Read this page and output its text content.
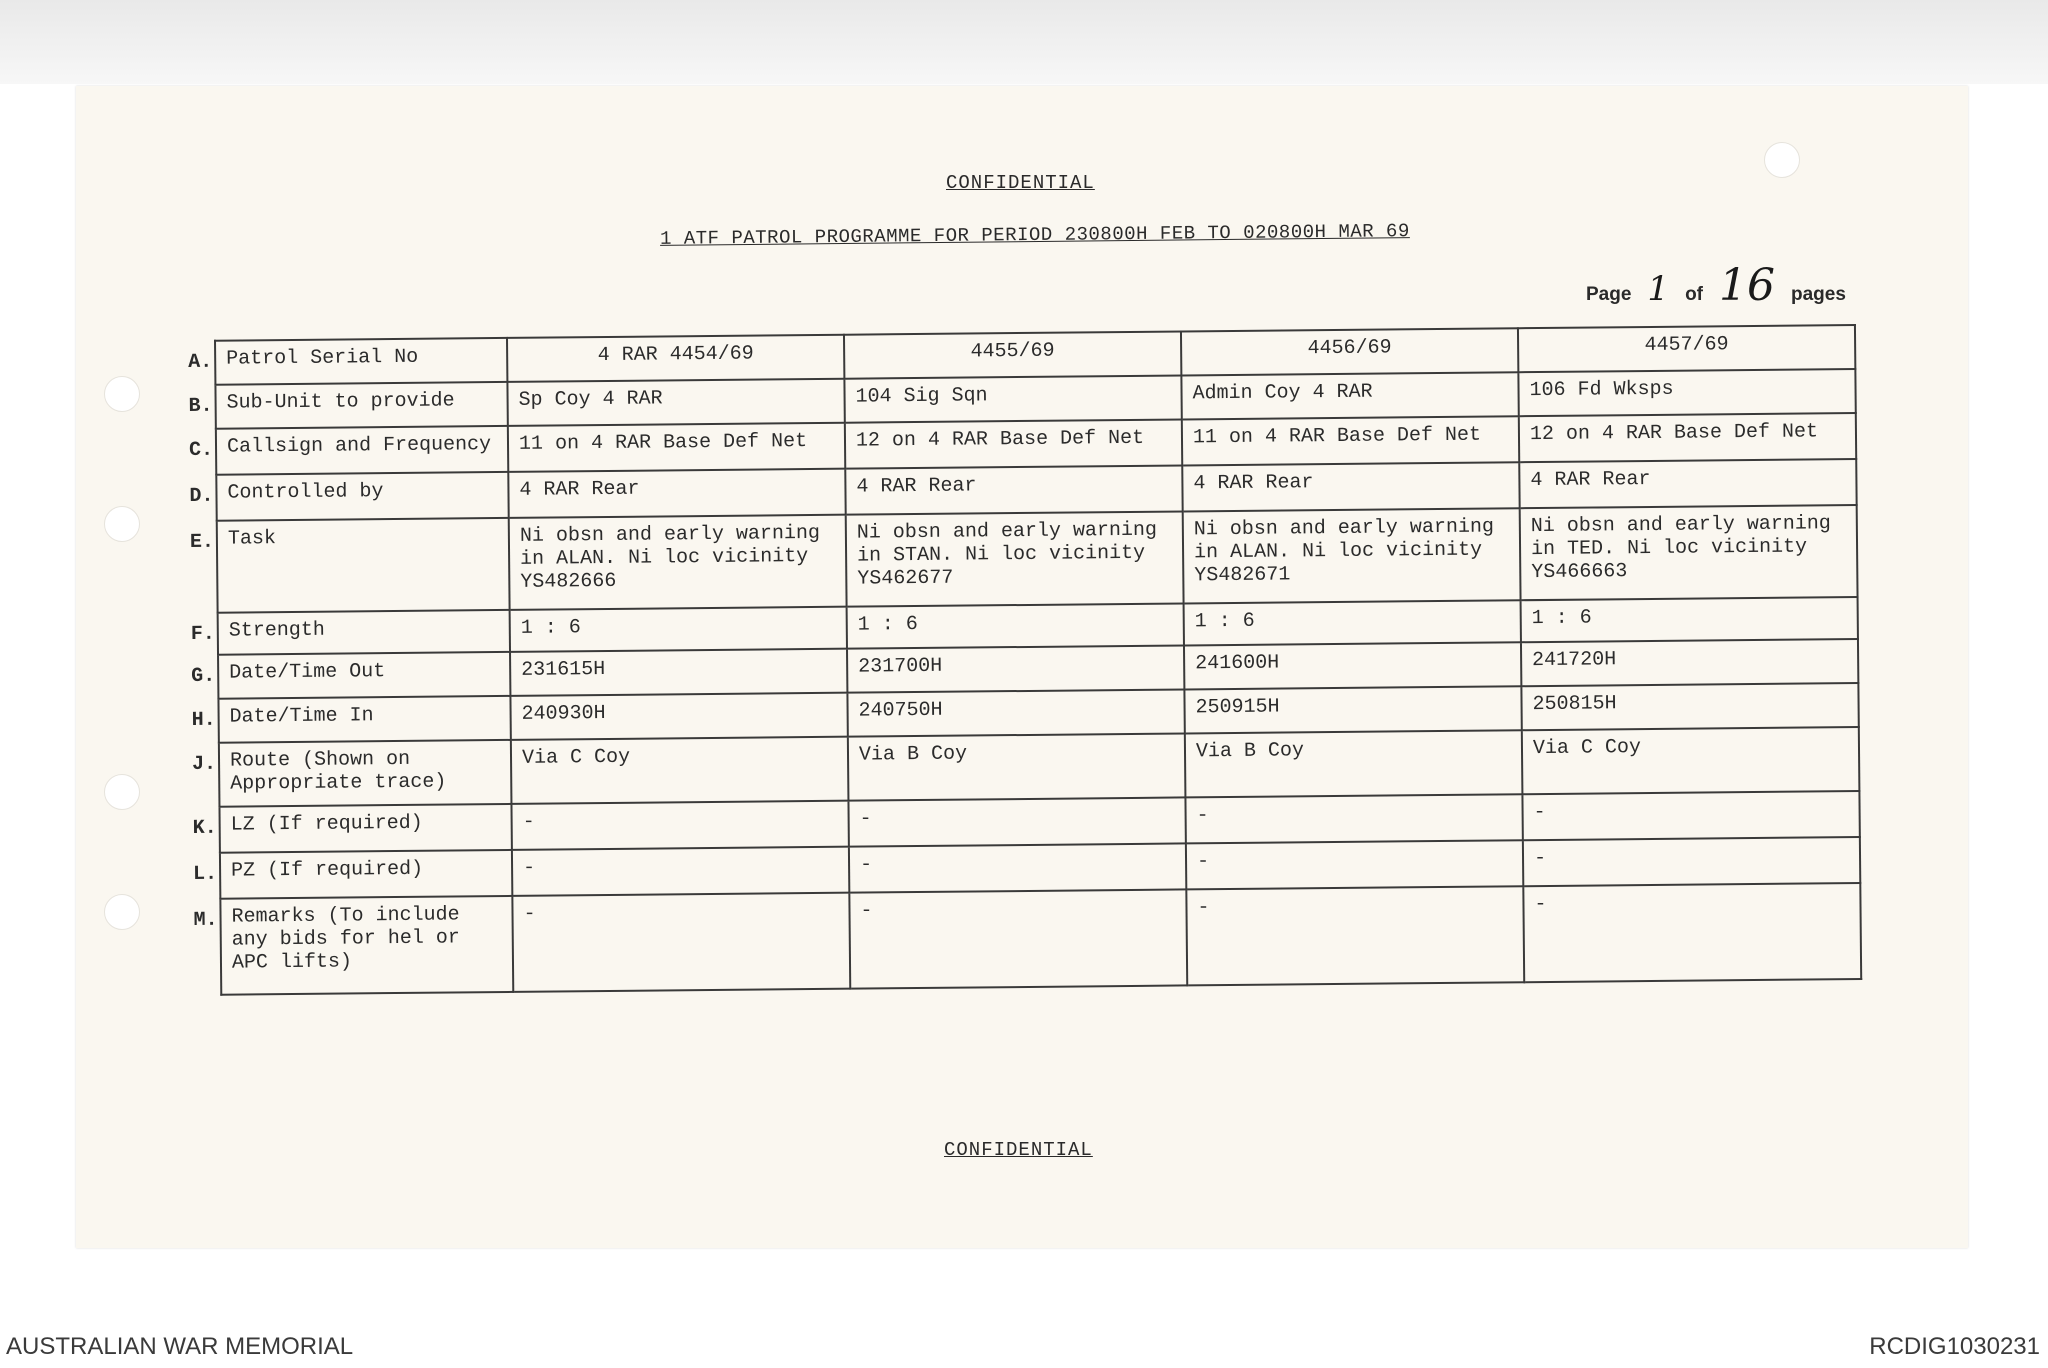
CONFIDENTIAL
1 ATF PATROL PROGRAMME FOR PERIOD 230800H FEB TO 020800H MAR 69
Page 1 of 16 pages
A.	Patrol Serial No	4 RAR 4454/69	4455/69	4456/69	4457/69
B.	Sub-Unit to provide	Sp Coy 4 RAR	104 Sig Sqn	Admin Coy 4 RAR	106 Fd Wksps
C.	Callsign and Frequency	11 on 4 RAR Base Def Net	12 on 4 RAR Base Def Net	11 on 4 RAR Base Def Net	12 on 4 RAR Base Def Net
D.	Controlled by	4 RAR Rear	4 RAR Rear	4 RAR Rear	4 RAR Rear
E.	Task	Ni obsn and early warning in ALAN. Ni loc vicinity YS482666	Ni obsn and early warning in STAN. Ni loc vicinity YS462677	Ni obsn and early warning in ALAN. Ni loc vicinity YS482671	Ni obsn and early warning in TED. Ni loc vicinity YS466663
F.	Strength	1 : 6	1 : 6	1 : 6	1 : 6
G.	Date/Time Out	231615H	231700H	241600H	241720H
H.	Date/Time In	240930H	240750H	250915H	250815H
J.	Route (Shown on Appropriate trace)	Via C Coy	Via B Coy	Via B Coy	Via C Coy
K.	LZ (If required)	-	-	-	-
L.	PZ (If required)	-	-	-	-
M.	Remarks (To include any bids for hel or APC lifts)	-	-	-	-
CONFIDENTIAL
AUSTRALIAN WAR MEMORIAL	RCDIG1030231
